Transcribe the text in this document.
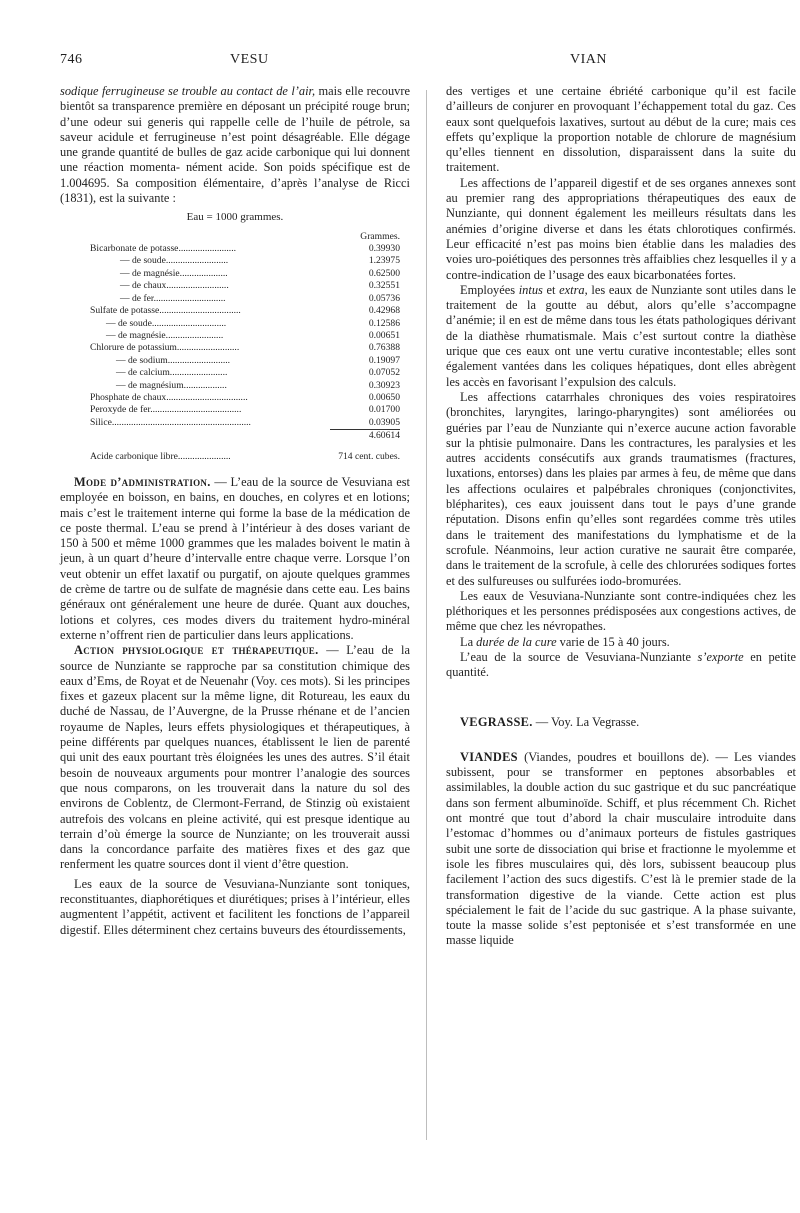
746	VESU	VIAN

sodique ferrugineuse se trouble au contact de l’air, mais elle recouvre bientôt sa transparence première en déposant un précipité rouge brun; d’une odeur sui generis qui rappelle celle de l’huile de pétrole, sa saveur acidule et ferrugineuse n’est point désagréable. Elle dégage une grande quantité de bulles de gaz acide carbonique qui lui donnent une réaction momenta- nément acide. Son poids spécifique est de 1.004695. Sa composition élémentaire, d’après l’analyse de Ricci (1831), est la suivante :

Eau = 1000 grammes.
	Grammes.
Bicarbonate de potasse........................	0.39930
— de soude..........................	1.23975
— de magnésie....................	0.62500
— de chaux..........................	0.32551
— de fer..............................	0.05736
Sulfate de potasse..................................	0.42968
— de soude...............................	0.12586
— de magnésie........................	0.00651
Chlorure de potassium..........................	0.76388
— de sodium..........................	0.19097
— de calcium........................	0.07052
— de magnésium..................	0.30923
Phosphate de chaux..................................	0.00650
Peroxyde de fer......................................	0.01700
Silice..........................................................	0.03905
	4.60614
Acide carbonique libre......................	714 cent. cubes.

Mode d’administration. — L’eau de la source de Vesuviana est employée en boisson, en bains, en douches, en colyres et en lotions; mais c’est le traitement interne qui forme la base de la médication de ce poste thermal. L’eau se prend à l’intérieur à des doses variant de 150 à 500 et même 1000 grammes que les malades boivent le matin à jeun, à un quart d’heure d’intervalle entre chaque verre. Lorsque l’on veut obtenir un effet laxatif ou purgatif, on ajoute quelques grammes de crème de tartre ou de sulfate de magnésie dans cette eau. Les bains généraux ont généralement une heure de durée. Quant aux douches, lotions et colyres, ces modes divers du traitement hydro-minéral externe n’offrent rien de particulier dans leurs applications.

Action physiologique et thérapeutique. — L’eau de la source de Nunziante se rapproche par sa constitution chimique des eaux d’Ems, de Royat et de Neuenahr (Voy. ces mots). Si les principes fixes et gazeux placent sur la même ligne, dit Rotureau, les eaux du duché de Nassau, de l’Auvergne, de la Prusse rhénane et de l’ancien royaume de Naples, leurs effets physiologiques et thérapeutiques, à peine différents par quelques nuances, établissent le lien de parenté qui unit des eaux pourtant très éloignées les unes des autres. S’il était besoin de nouveaux arguments pour montrer l’analogie des sources que nous comparons, on les trouverait dans la nature du sol des environs de Coblentz, de Clermont-Ferrand, de Stinzig où existaient autrefois des volcans en pleine activité, qui est presque identique au terrain d’où émerge la source de Nunziante; on les trouverait aussi dans la concordance parfaite des matières fixes et des gaz que renferment les quatre sources dont il vient d’être question.

Les eaux de la source de Vesuviana-Nunziante sont toniques, reconstituantes, diaphorétiques et diurétiques; prises à l’intérieur, elles augmentent l’appétit, activent et facilitent les fonctions de l’appareil digestif. Elles déterminent chez certains buveurs des étourdissements,

des vertiges et une certaine ébriété carbonique qu’il est facile d’ailleurs de conjurer en provoquant l’échappement total du gaz. Ces eaux sont quelquefois laxatives, surtout au début de la cure; mais ces effets qu’explique la proportion notable de chlorure de magnésium qu’elles tiennent en dissolution, disparaissent dans la suite du traitement.

Les affections de l’appareil digestif et de ses organes annexes sont au premier rang des appropriations thérapeutiques des eaux de Nunziante, qui donnent également les meilleurs résultats dans les anémies d’origine diverse et dans les états chlorotiques confirmés. Leur efficacité n’est pas moins bien établie dans les maladies des voies uro-poiétiques des personnes très affaiblies chez lesquelles il y a contre-indication de l’usage des eaux bicarbonatées fortes.

Employées intus et extra, les eaux de Nunziante sont utiles dans le traitement de la goutte au début, alors qu’elle s’accompagne d’anémie; il en est de même dans tous les états pathologiques dérivant de la diathèse rhumatismale. Mais c’est surtout contre la diathèse urique que ces eaux ont une vertu curative incontestable; elles sont également vantées dans les coliques hépatiques, dont elles abrègent les accès en favorisant l’expulsion des calculs.

Les affections catarrhales chroniques des voies respiratoires (bronchites, laryngites, laringo-pharyngites) sont améliorées ou guéries par l’eau de Nunziante qui n’exerce aucune action favorable sur la phtisie pulmonaire. Dans les contractures, les paralysies et les autres accidents consécutifs aux grands traumatismes (fractures, luxations, entorses) dans les plaies par armes à feu, de même que dans les affections oculaires et palpébrales chroniques (conjonctivites, blépharites), ces eaux jouissent dans tout le pays d’une grande réputation. Disons enfin qu’elles sont regardées comme très utiles dans le traitement des manifestations du lymphatisme et de la scrofule. Néanmoins, leur action curative ne saurait être comparée, dans le traitement de la scrofule, à celle des chlorurées sodiques fortes et des sulfureuses ou sulfurées iodo-bromurées.

Les eaux de Vesuviana-Nunziante sont contre-indiquées chez les pléthoriques et les personnes prédisposées aux congestions actives, de même que chez les névropathes.

La durée de la cure varie de 15 à 40 jours.

L’eau de la source de Vesuviana-Nunziante s’exporte en petite quantité.

VEGRASSE. — Voy. La Vegrasse.

VIANDES (Viandes, poudres et bouillons de). — Les viandes subissent, pour se transformer en peptones absorbables et assimilables, la double action du suc gastrique et du suc pancréatique dans son ferment albuminoïde. Schiff, et plus récemment Ch. Richet ont montré que tout d’abord la chair musculaire introduite dans l’estomac d’hommes ou d’animaux porteurs de fistules gastriques subit une sorte de dissociation qui brise et fractionne le myolemme et isole les fibres musculaires qui, dès lors, subissent beaucoup plus facilement l’action des sucs digestifs. C’est là le premier stade de la transformation digestive de la viande. Cette action est plus spécialement le fait de l’acide du suc gastrique. A la phase suivante, toute la masse solide s’est peptonisée et s’est transformée en une masse liquide
